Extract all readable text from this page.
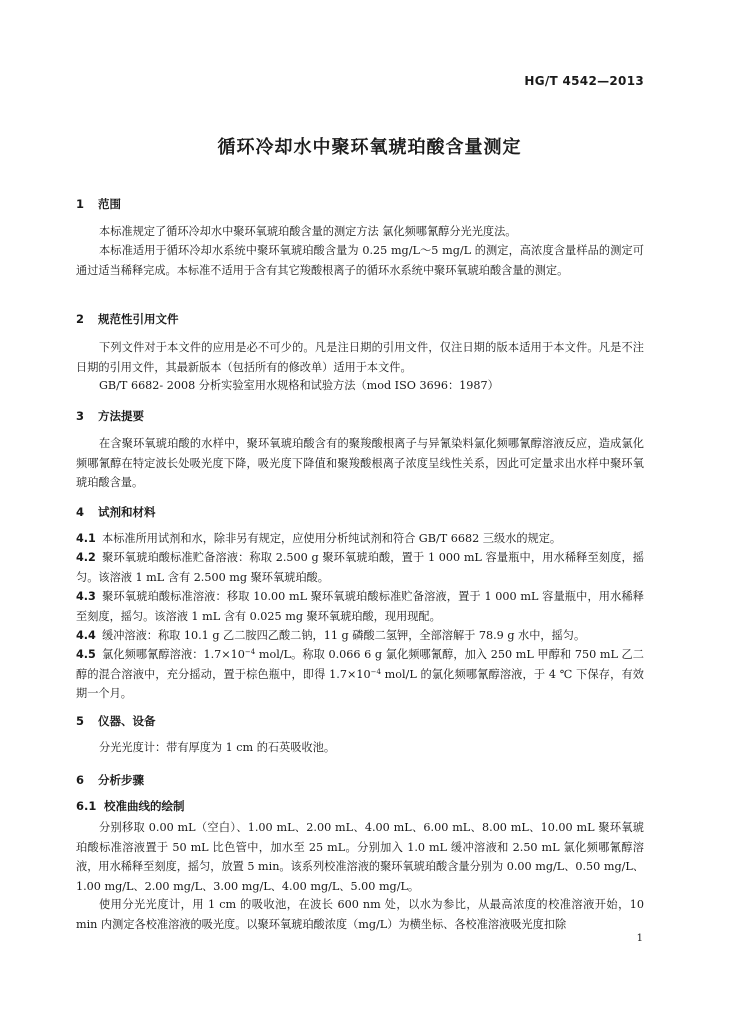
HG/T 4542—2013
循环冷却水中聚环氧琥珀酸含量测定
1 范围

本标准规定了循环冷却水中聚环氧琥珀酸含量的测定方法 氯化频哪氰醇分光光度法。

本标准适用于循环冷却水系统中聚环氧琥珀酸含量为 0.25 mg/L～5 mg/L 的测定，高浓度含量样品的测定可通过适当稀释完成。本标准不适用于含有其它羧酸根离子的循环水系统中聚环氧琥珀酸含量的测定。

2 规范性引用文件

下列文件对于本文件的应用是必不可少的。凡是注日期的引用文件，仅注日期的版本适用于本文件。凡是不注日期的引用文件，其最新版本（包括所有的修改单）适用于本文件。

GB/T 6682- 2008 分析实验室用水规格和试验方法（mod ISO 3696：1987）

3 方法提要

在含聚环氧琥珀酸的水样中，聚环氧琥珀酸含有的聚羧酸根离子与异氰染料氯化频哪氰醇溶液反应，造成氯化频哪氰醇在特定波长处吸光度下降，吸光度下降值和聚羧酸根离子浓度呈线性关系，因此可定量求出水样中聚环氧琥珀酸含量。

4 试剂和材料

4.1 本标准所用试剂和水，除非另有规定，应使用分析纯试剂和符合 GB/T 6682 三级水的规定。

4.2 聚环氧琥珀酸标准贮备溶液：称取 2.500 g 聚环氧琥珀酸，置于 1 000 mL 容量瓶中，用水稀释至刻度，摇匀。该溶液 1 mL 含有 2.500 mg 聚环氧琥珀酸。

4.3 聚环氧琥珀酸标准溶液：移取 10.00 mL 聚环氧琥珀酸标准贮备溶液，置于 1 000 mL 容量瓶中，用水稀释至刻度，摇匀。该溶液 1 mL 含有 0.025 mg 聚环氧琥珀酸，现用现配。

4.4 缓冲溶液：称取 10.1 g 乙二胺四乙酸二钠，11 g 磷酸二氢钾，全部溶解于 78.9 g 水中，摇匀。

4.5 氯化频哪氰醇溶液：$1.7\times 10^{-4}$ mol/L。称取 0.066 6 g 氯化频哪氰醇，加入 250 mL 甲醇和 750 mL 乙二醇的混合溶液中，充分摇动，置于棕色瓶中，即得 $1.7\times 10^{-4}$ mol/L 的氯化频哪氰醇溶液，于 4 ℃ 下保存，有效期一个月。

5 仪器、设备

分光光度计：带有厚度为 1 cm 的石英吸收池。

6 分析步骤
6.1 校准曲线的绘制

分别移取 0.00 mL（空白）、1.00 mL、2.00 mL、4.00 mL、6.00 mL、8.00 mL、10.00 mL 聚环氧琥珀酸标准溶液置于 50 mL 比色管中，加水至 25 mL。分别加入 1.0 mL 缓冲溶液和 2.50 mL 氯化频哪氰醇溶液，用水稀释至刻度，摇匀，放置 5 min。该系列校准溶液的聚环氧琥珀酸含量分别为 0.00 mg/L、0.50 mg/L、1.00 mg/L、2.00 mg/L、3.00 mg/L、4.00 mg/L、5.00 mg/L。

使用分光光度计，用 1 cm 的吸收池，在波长 600 nm 处，以水为参比，从最高浓度的校准溶液开始，10 min 内测定各校准溶液的吸光度。以聚环氧琥珀酸浓度（mg/L）为横坐标、各校准溶液吸光度扣除

1
